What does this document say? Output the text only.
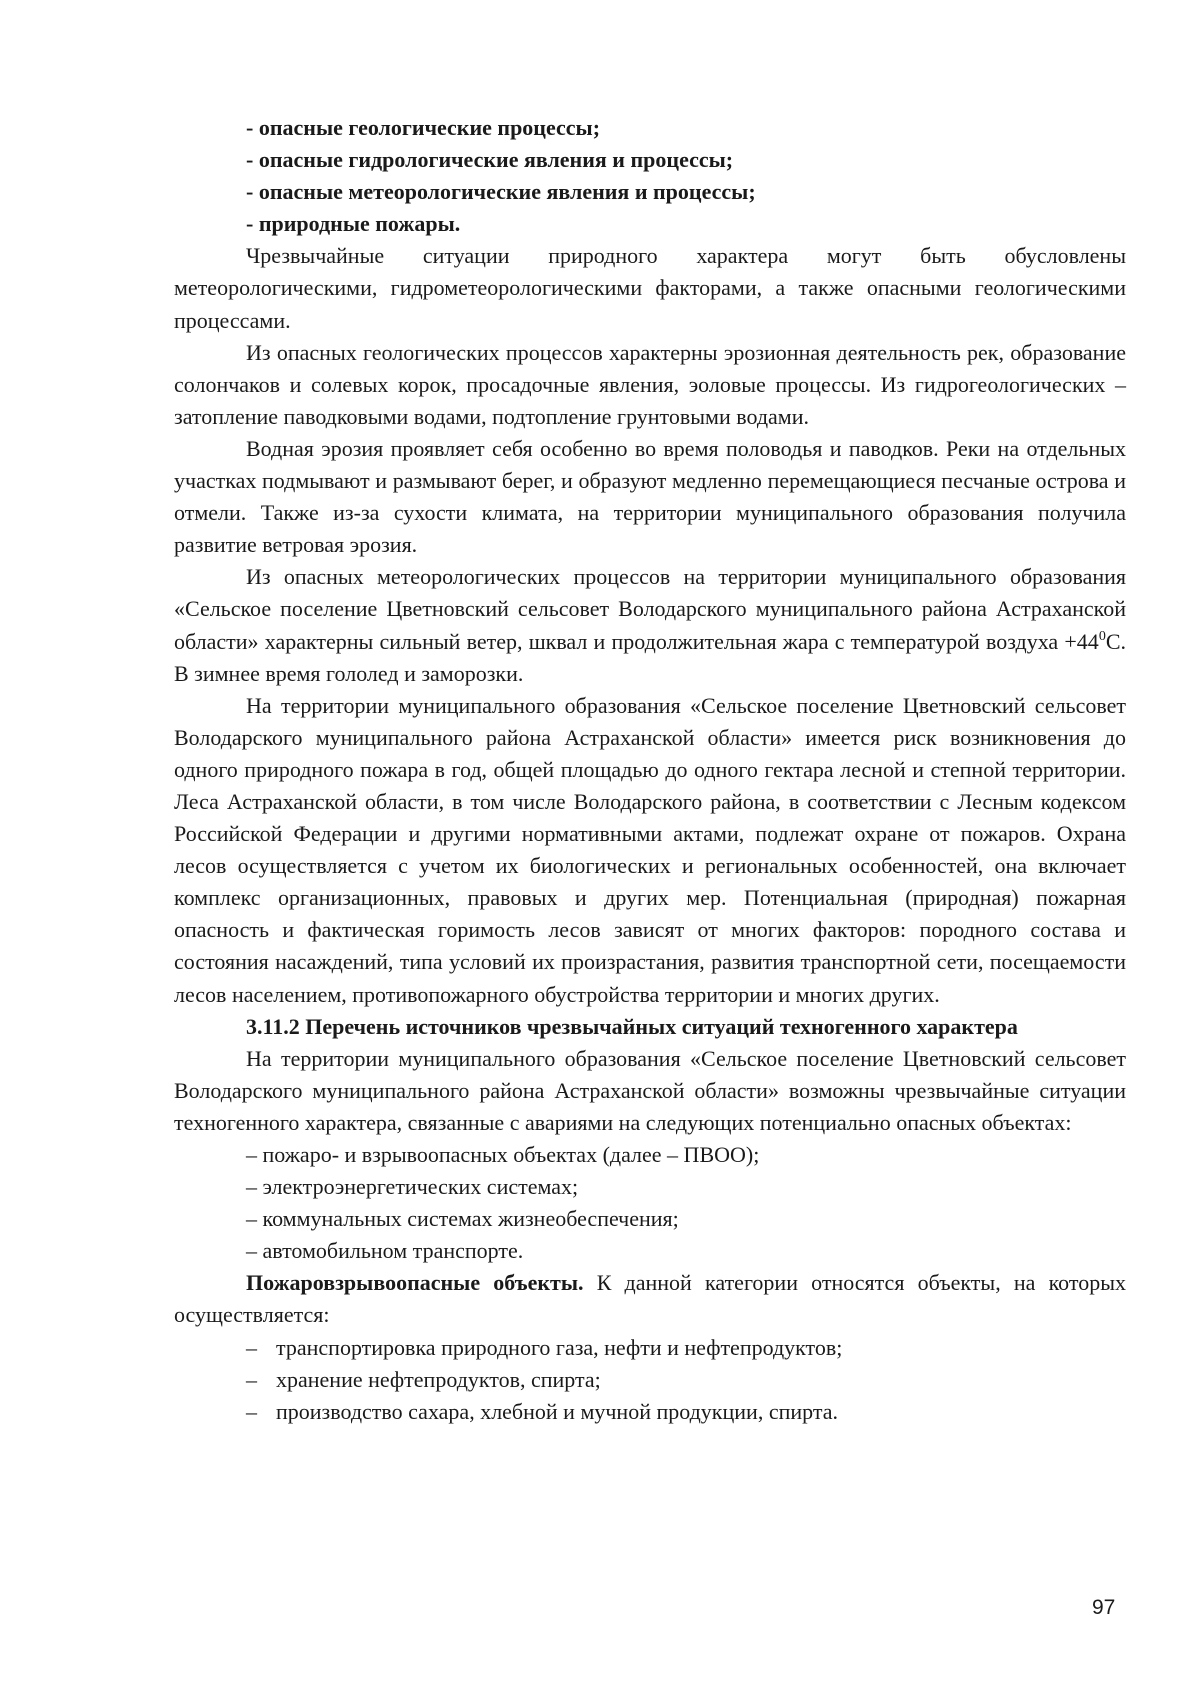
- опасные геологические процессы;

- опасные гидрологические явления и процессы;

- опасные метеорологические явления и процессы;

- природные пожары.

Чрезвычайные ситуации природного характера могут быть обусловлены метеорологическими, гидрометеорологическими факторами, а также опасными геологическими процессами.

Из опасных геологических процессов характерны эрозионная деятельность рек, образование солончаков и солевых корок, просадочные явления, эоловые процессы. Из гидрогеологических – затопление паводковыми водами, подтопление грунтовыми водами.

Водная эрозия проявляет себя особенно во время половодья и паводков. Реки на отдельных участках подмывают и размывают берег, и образуют медленно перемещающиеся песчаные острова и отмели. Также из-за сухости климата, на территории муниципального образования получила развитие ветровая эрозия.

Из опасных метеорологических процессов на территории муниципального образования «Сельское поселение Цветновский сельсовет Володарского муниципального района Астраханской области» характерны сильный ветер, шквал и продолжительная жара с температурой воздуха $+44^0С$. В зимнее время гололед и заморозки.

На территории муниципального образования «Сельское поселение Цветновский сельсовет Володарского муниципального района Астраханской области» имеется риск возникновения до одного природного пожара в год, общей площадью до одного гектара лесной и степной территории. Леса Астраханской области, в том числе Володарского района, в соответствии с Лесным кодексом Российской Федерации и другими нормативными актами, подлежат охране от пожаров. Охрана лесов осуществляется с учетом их биологических и региональных особенностей, она включает комплекс организационных, правовых и других мер. Потенциальная (природная) пожарная опасность и фактическая горимость лесов зависят от многих факторов: породного состава и состояния насаждений, типа условий их произрастания, развития транспортной сети, посещаемости лесов населением, противопожарного обустройства территории и многих других.

3.11.2 Перечень источников чрезвычайных ситуаций техногенного характера

На территории муниципального образования «Сельское поселение Цветновский сельсовет Володарского муниципального района Астраханской области» возможны чрезвычайные ситуации техногенного характера, связанные с авариями на следующих потенциально опасных объектах:

– пожаро- и взрывоопасных объектах (далее – ПВОО);

– электроэнергетических системах;

– коммунальных системах жизнеобеспечения;

– автомобильном транспорте.

Пожаровзрывоопасные объекты. К данной категории относятся объекты, на которых осуществляется:

– транспортировка природного газа, нефти и нефтепродуктов;

– хранение нефтепродуктов, спирта;

– производство сахара, хлебной и мучной продукции, спирта.

97
